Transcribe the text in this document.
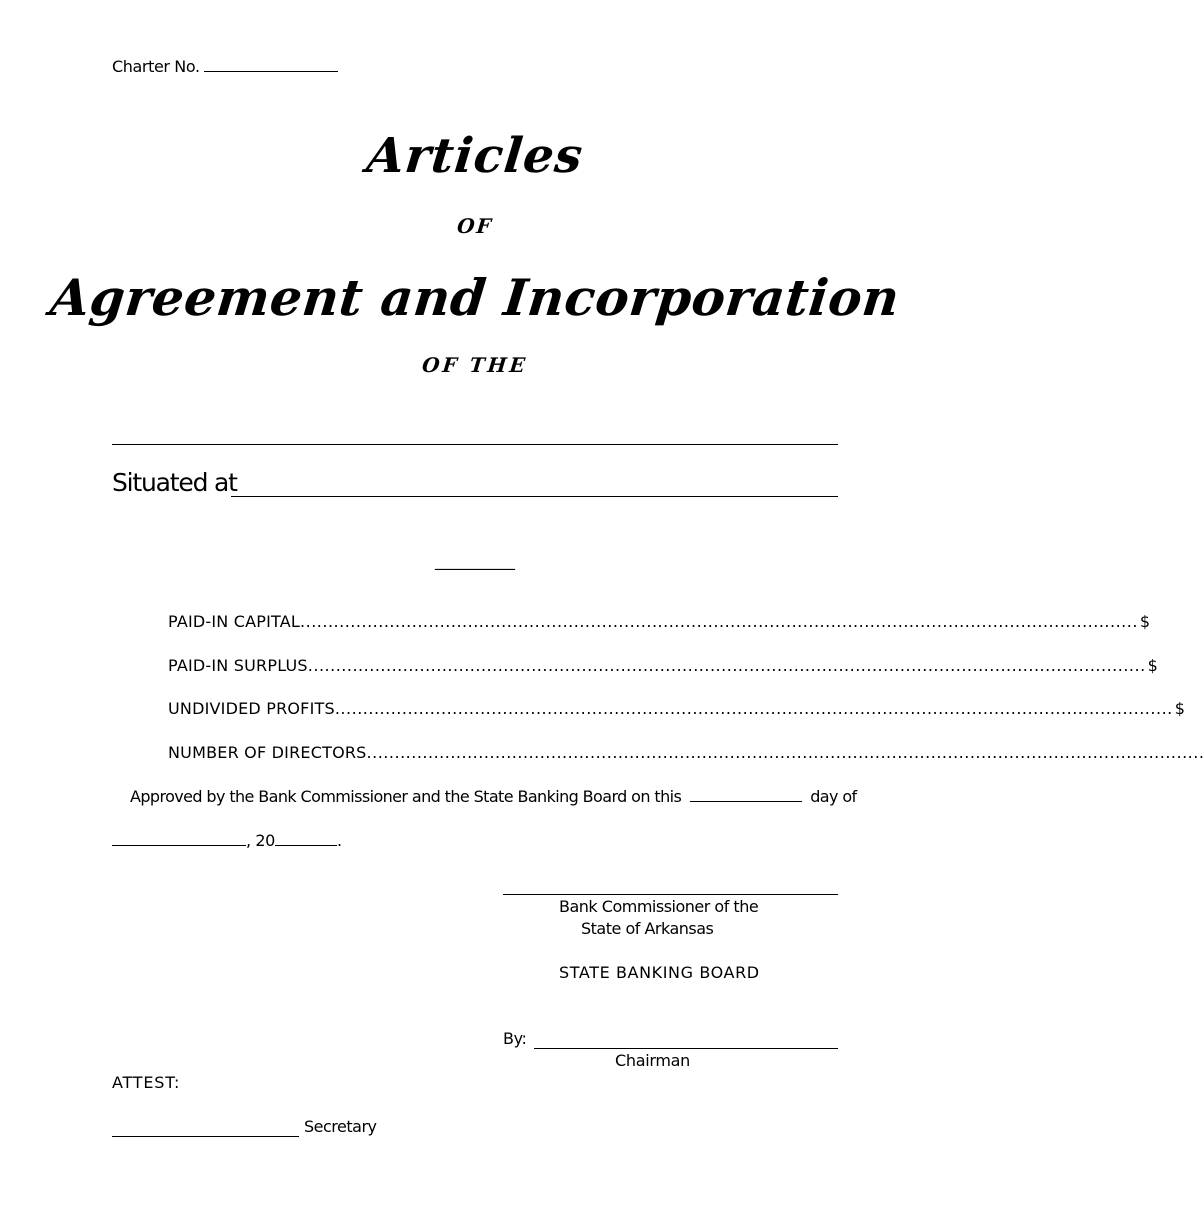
Charter No.
Articles
OF
Agreement and Incorporation
OF THE
Situated at
__________
PAID-IN CAPITAL ...................................................................................................................................................... $
PAID-IN SURPLUS ...................................................................................................................................................... $
UNDIVIDED PROFITS ...................................................................................................................................................... $
NUMBER OF DIRECTORS ......................................................................................................................................................
Approved by the Bank Commissioner and the State Banking Board on this	day of
, 20	.
Bank Commissioner of the
State of Arkansas
STATE BANKING BOARD
By:
Chairman
ATTEST:
Secretary
